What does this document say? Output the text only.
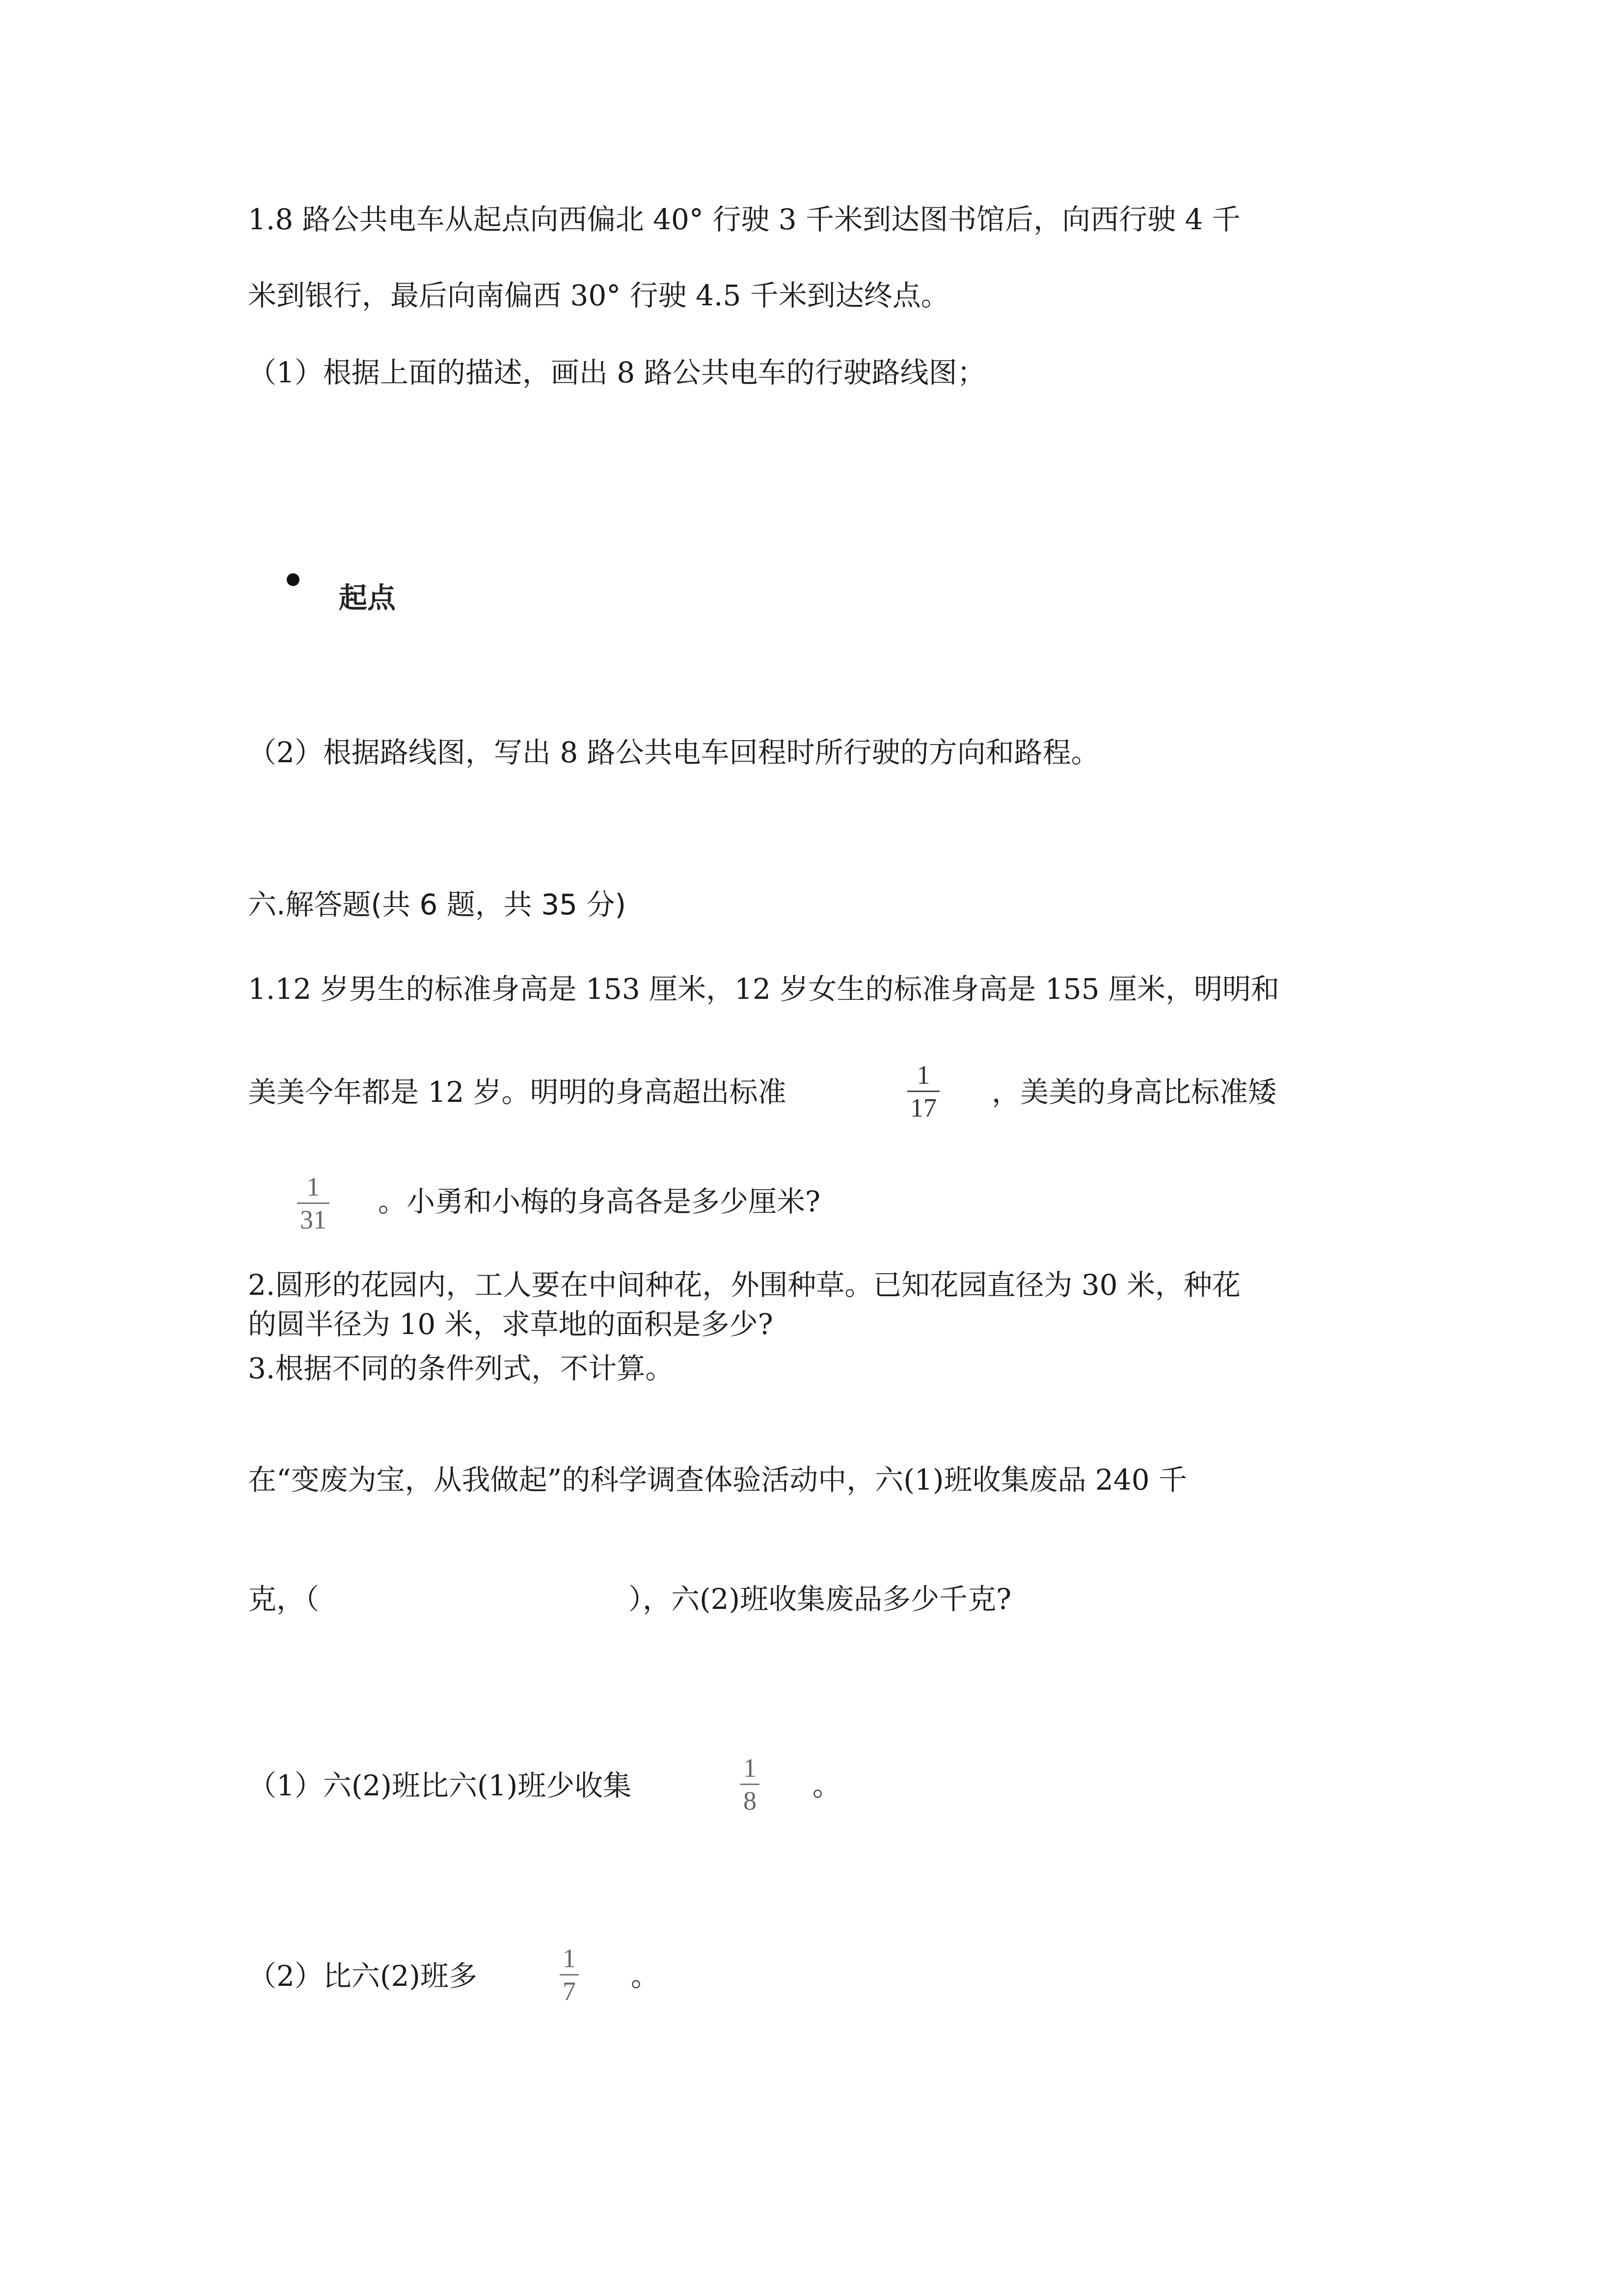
1.8 路公共电车从起点向西偏北 40° 行驶 3 千米到达图书馆后，向西行驶 4 千
米到银行，最后向南偏西 30° 行驶 4.5 千米到达终点。
（1）根据上面的描述，画出 8 路公共电车的行驶路线图；
起点
（2）根据路线图，写出 8 路公共电车回程时所行驶的方向和路程。
六.解答题(共 6 题，共 35 分)
1.12 岁男生的标准身高是 153 厘米，12 岁女生的标准身高是 155 厘米，明明和
美美今年都是 12 岁。明明的身高超出标准
1
17 ，美美的身高比标准矮
1
31
。小勇和小梅的身高各是多少厘米?
2.圆形的花园内，工人要在中间种花，外围种草。已知花园直径为 30 米，种花
的圆半径为 10 米，求草地的面积是多少?
3.根据不同的条件列式，不计算。
在“变废为宝，从我做起”的科学调查体验活动中，六(1)班收集废品 240 千
克，（	），六(2)班收集废品多少千克?
（1）六(2)班比六(1)班少收集
1
8 。
（2）比六(2)班多
1
7 。
